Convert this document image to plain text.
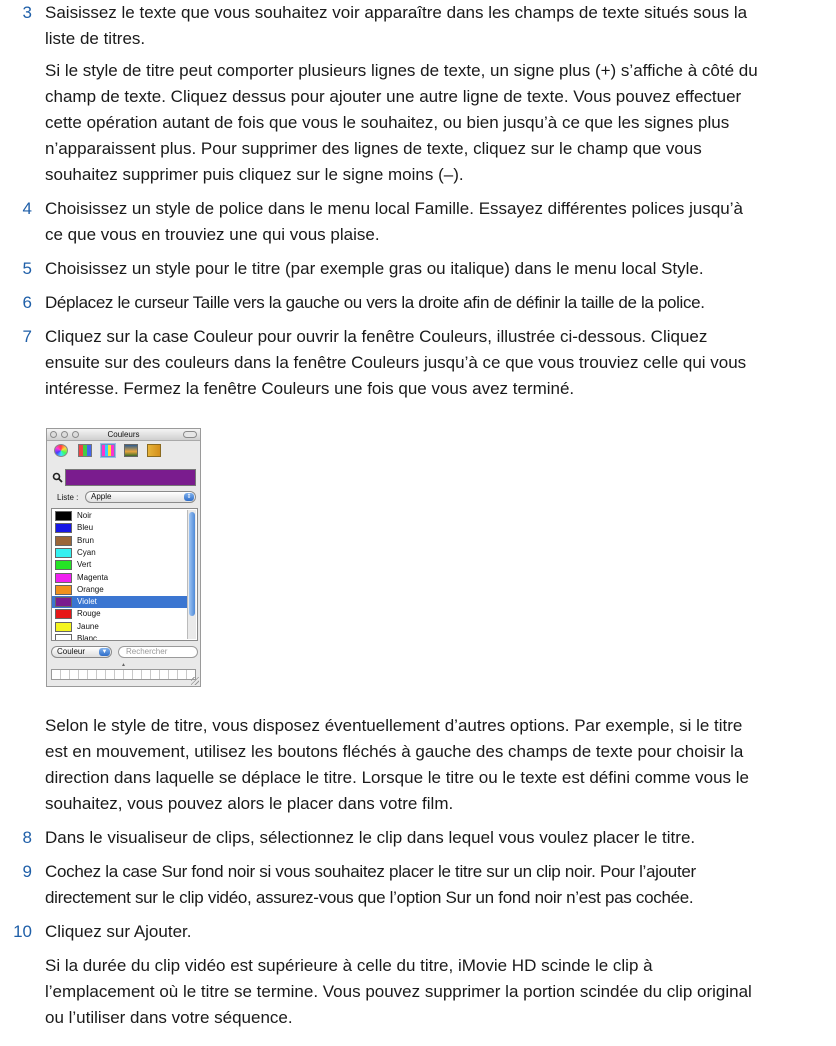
3 Saisissez le texte que vous souhaitez voir apparaître dans les champs de texte situés sous la liste de titres.

Si le style de titre peut comporter plusieurs lignes de texte, un signe plus (+) s’affiche à côté du champ de texte. Cliquez dessus pour ajouter une autre ligne de texte. Vous pouvez effectuer cette opération autant de fois que vous le souhaitez, ou bien jusqu’à ce que les signes plus n’apparaissent plus. Pour supprimer des lignes de texte, cliquez sur le champ que vous souhaitez supprimer puis cliquez sur le signe moins (–).

4 Choisissez un style de police dans le menu local Famille. Essayez différentes polices jusqu’à ce que vous en trouviez une qui vous plaise.

5 Choisissez un style pour le titre (par exemple gras ou italique) dans le menu local Style.

6 Déplacez le curseur Taille vers la gauche ou vers la droite afin de définir la taille de la police.

7 Cliquez sur la case Couleur pour ouvrir la fenêtre Couleurs, illustrée ci-dessous. Cliquez ensuite sur des couleurs dans la fenêtre Couleurs jusqu’à ce que vous trouviez celle qui vous intéresse. Fermez la fenêtre Couleurs une fois que vous avez terminé.

Couleurs
Liste :	Apple	⇕
Blanc
Jaune
Rouge
Violet
Orange
Magenta
Vert
Cyan
Brun
Bleu
Noir
Couleur	▼	Rechercher
▲

Selon le style de titre, vous disposez éventuellement d’autres options. Par exemple, si le titre est en mouvement, utilisez les boutons fléchés à gauche des champs de texte pour choisir la direction dans laquelle se déplace le titre. Lorsque le titre ou le texte est défini comme vous le souhaitez, vous pouvez alors le placer dans votre film.

8 Dans le visualiseur de clips, sélectionnez le clip dans lequel vous voulez placer le titre.

9 Cochez la case Sur fond noir si vous souhaitez placer le titre sur un clip noir. Pour l’ajouter directement sur le clip vidéo, assurez-vous que l’option Sur un fond noir n’est pas cochée.

10 Cliquez sur Ajouter.

Si la durée du clip vidéo est supérieure à celle du titre, iMovie HD scinde le clip à l’emplacement où le titre se termine. Vous pouvez supprimer la portion scindée du clip original ou l’utiliser dans votre séquence.
